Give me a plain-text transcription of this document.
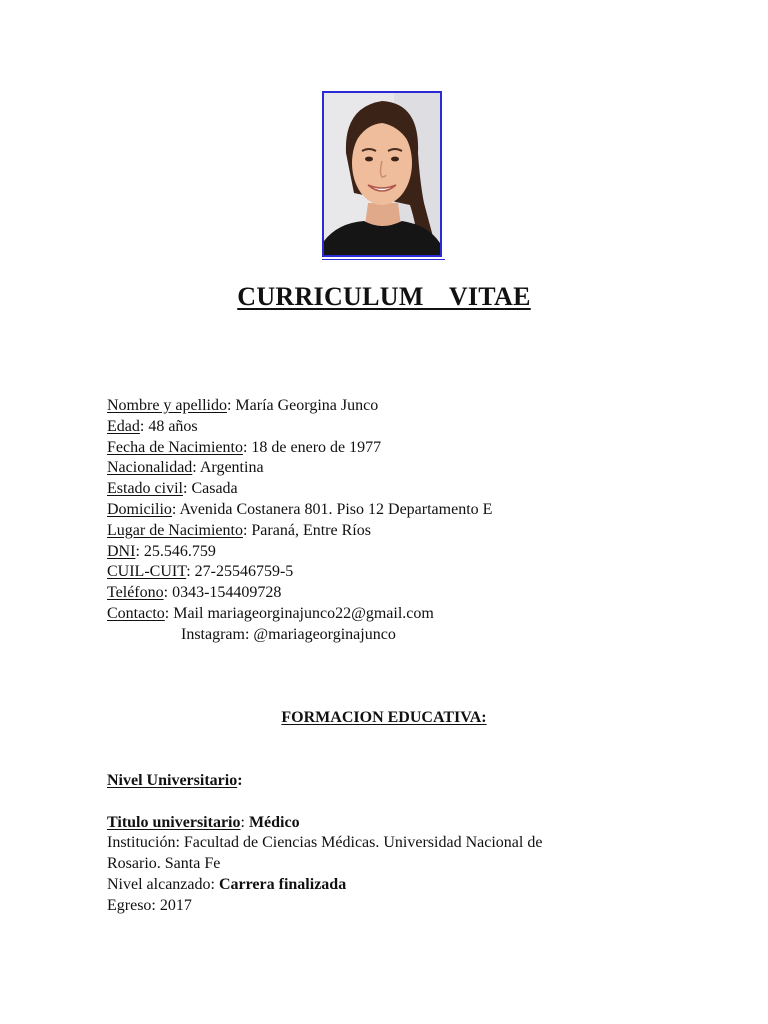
CURRICULUM  VITAE
Nombre y apellido: María Georgina Junco
Edad: 48 años
Fecha de Nacimiento: 18 de enero de 1977
Nacionalidad: Argentina
Estado civil: Casada
Domicilio: Avenida Costanera 801. Piso 12 Departamento E
Lugar de Nacimiento: Paraná, Entre Ríos
DNI: 25.546.759
CUIL-CUIT: 27-25546759-5
Teléfono: 0343-154409728
Contacto: Mail mariageorginajunco22@gmail.com
Instagram: @mariageorginajunco
FORMACION EDUCATIVA:
Nivel Universitario:
Titulo universitario: Médico
Institución: Facultad de Ciencias Médicas. Universidad Nacional de
Rosario. Santa Fe
Nivel alcanzado: Carrera finalizada
Egreso: 2017
